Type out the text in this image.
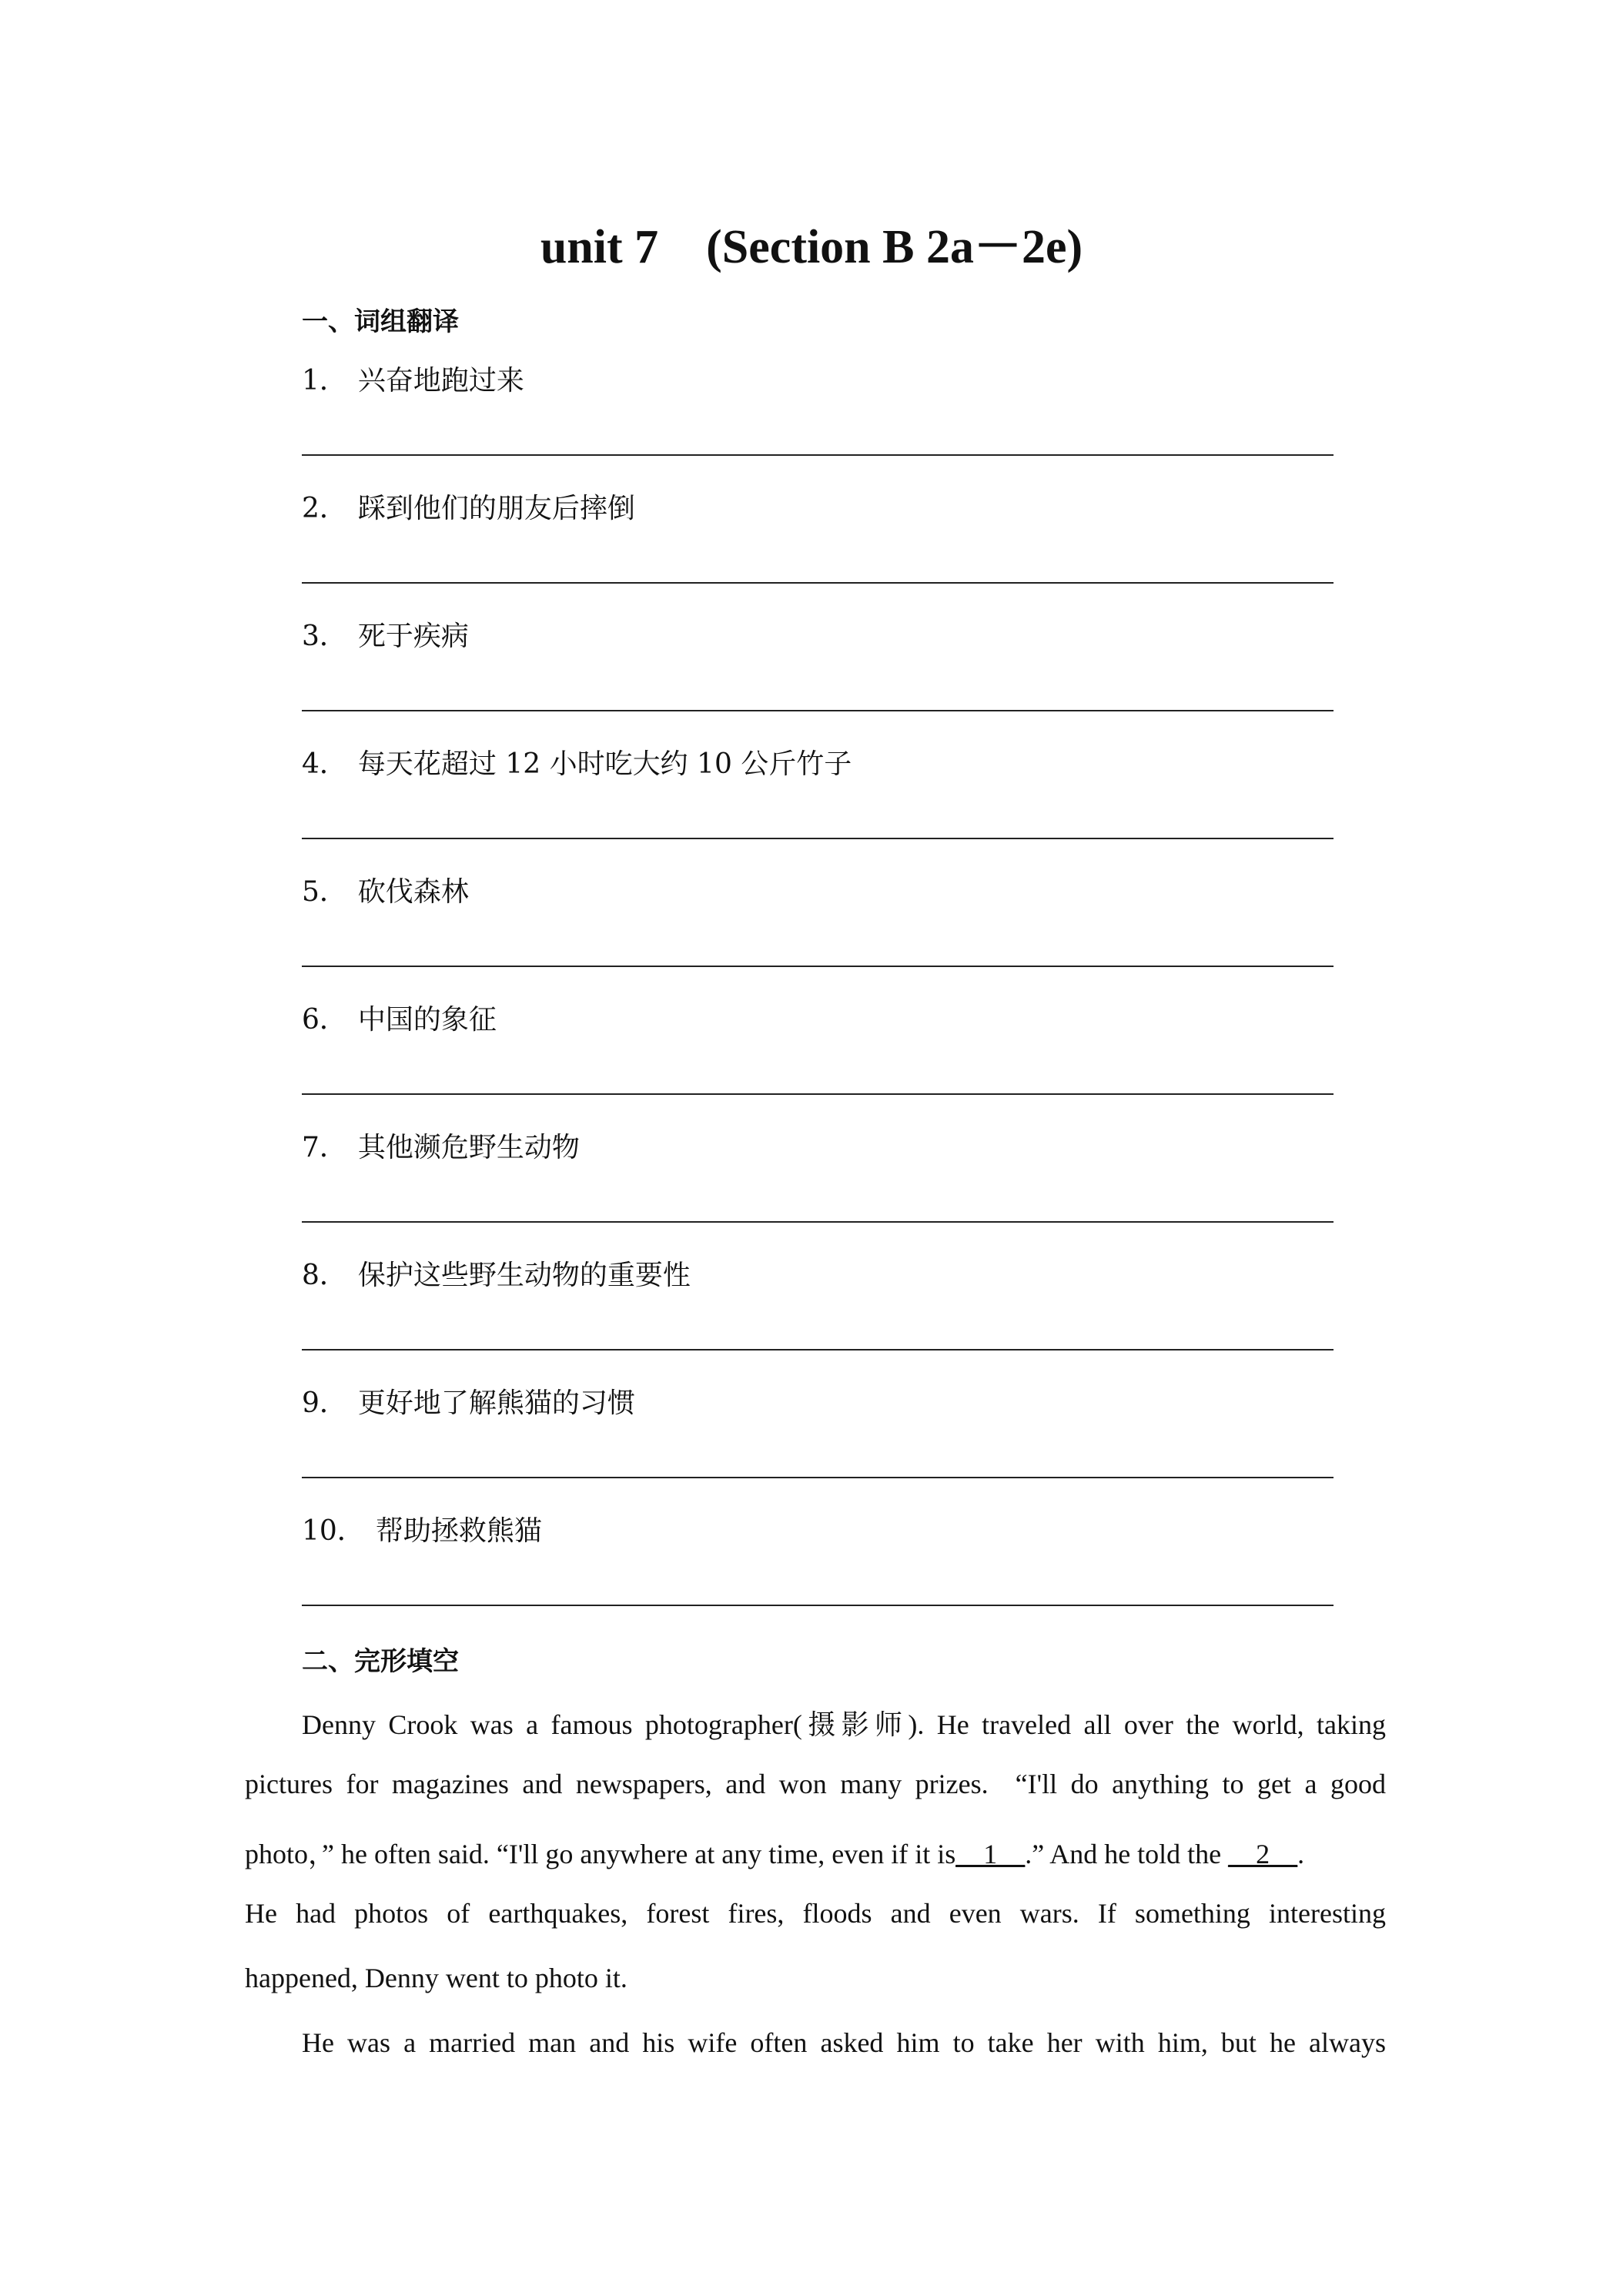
unit 7　(Section B 2a－2e)
一、词组翻译
1． 兴奋地跑过来
2． 踩到他们的朋友后摔倒
3． 死于疾病
4． 每天花超过 12 小时吃大约 10 公斤竹子
5． 砍伐森林
6． 中国的象征
7． 其他濒危野生动物
8． 保护这些野生动物的重要性
9． 更好地了解熊猫的习惯
10． 帮助拯救熊猫
二、完形填空
Denny Crook was a famous photographer(摄影师). He traveled all over the world, taking
pictures for magazines and newspapers, and won many prizes.  “I'll do anything to get a good
photo，” he often said. “I'll go anywhere at any time, even if it is__1__.” And he told the __2__.
He had photos of earthquakes, forest fires, floods and even wars. If something interesting
happened, Denny went to photo it.
He was a married man and his wife often asked him to take her with him, but he always
